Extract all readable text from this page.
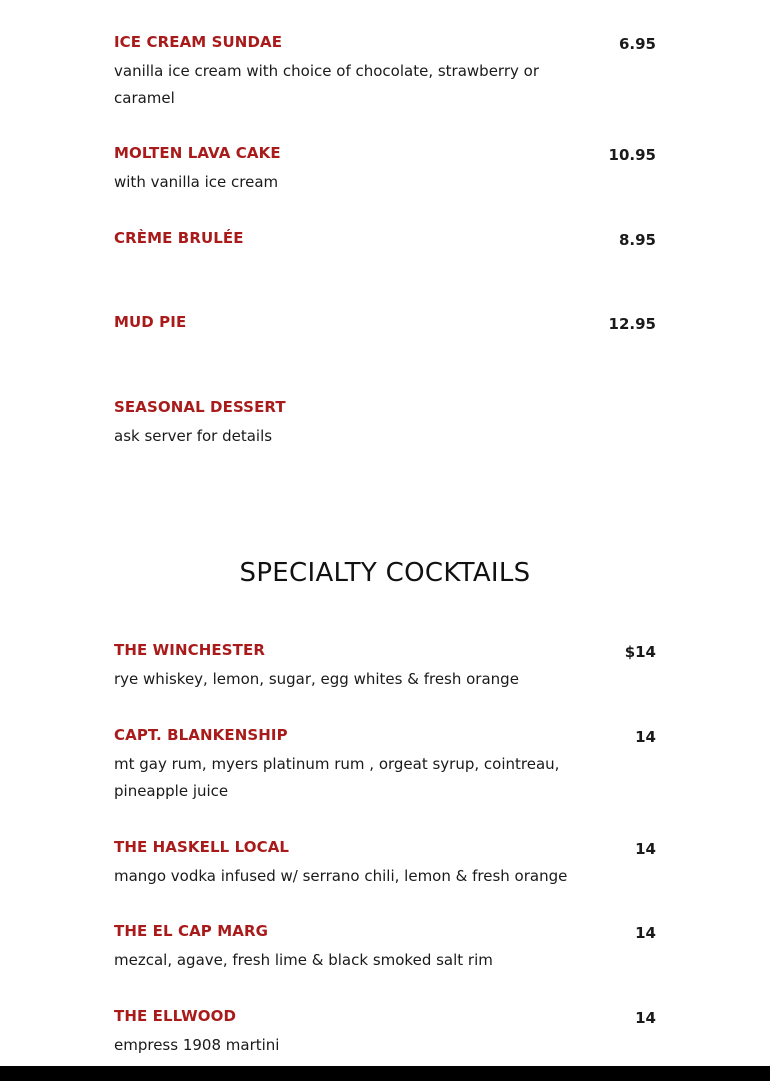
ICE CREAM SUNDAE
vanilla ice cream with choice of chocolate, strawberry or caramel
6.95
MOLTEN LAVA CAKE
with vanilla ice cream
10.95
CRÈME BRULÉE	8.95
MUD PIE	12.95
SEASONAL DESSERT
ask server for details
SPECIALTY COCKTAILS
THE WINCHESTER
rye whiskey, lemon, sugar, egg whites & fresh orange
$14
CAPT. BLANKENSHIP
mt gay rum, myers platinum rum , orgeat syrup, cointreau, pineapple juice
14
THE HASKELL LOCAL
mango vodka infused w/ serrano chili, lemon & fresh orange
14
THE EL CAP MARG
mezcal, agave, fresh lime & black smoked salt rim
14
THE ELLWOOD
empress 1908 martini
14
